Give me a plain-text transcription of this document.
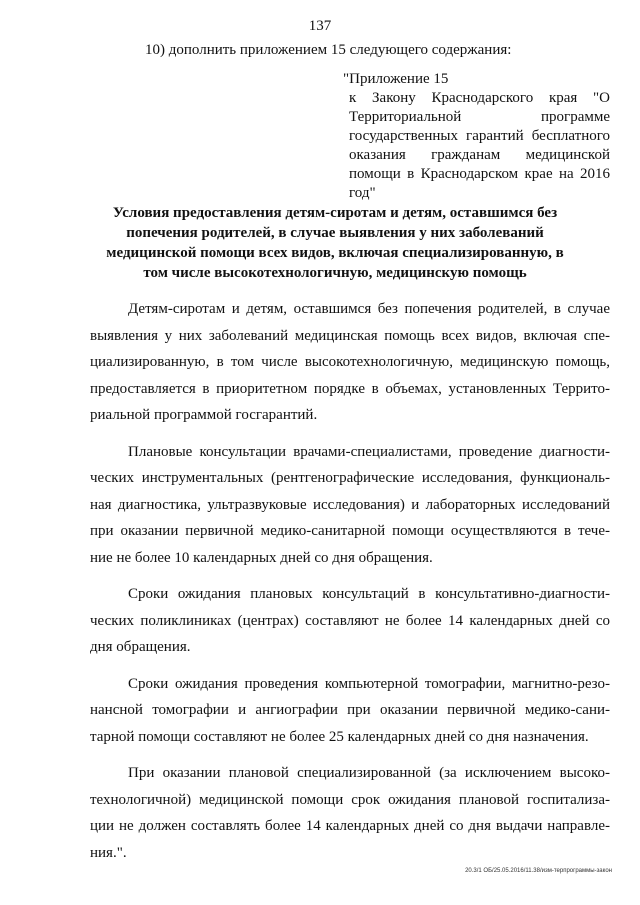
137
10) дополнить приложением 15 следующего содержания:
"Приложение 15
к Закону Краснодарского края "О Территориальной программе государственных гарантий бесплатного оказания гражданам медицинской помощи в Краснодарском крае на 2016 год"
Условия предоставления детям-сиротам и детям, оставшимся без попечения родителей, в случае выявления у них заболеваний медицинской помощи всех видов, включая специализированную, в том числе высокотехнологичную, медицинскую помощь
Детям-сиротам и детям, оставшимся без попечения родителей, в случае
выявления у них заболеваний медицинская помощь всех видов, включая спе-
циализированную, в том числе высокотехнологичную, медицинскую помощь,
предоставляется в приоритетном порядке в объемах, установленных Террито-
риальной программой госгарантий.
Плановые консультации врачами-специалистами, проведение диагности-
ческих инструментальных (рентгенографические исследования, функциональ-
ная диагностика, ультразвуковые исследования) и лабораторных исследований
при оказании первичной медико-санитарной помощи осуществляются в тече-
ние не более 10 календарных дней со дня обращения.
Сроки ожидания плановых консультаций в консультативно-диагности-
ческих поликлиниках (центрах) составляют не более 14 календарных дней со
дня обращения.
Сроки ожидания проведения компьютерной томографии, магнитно-резо-
нансной томографии и ангиографии при оказании первичной медико-сани-
тарной помощи составляют не более 25 календарных дней со дня назначения.
При оказании плановой специализированной (за исключением высоко-
технологичной) медицинской помощи срок ожидания плановой госпитализа-
ции не должен составлять более 14 календарных дней со дня выдачи направле-
ния.".
20.3/1 ОБ/25.05.2016/11.38/изм-терпрограммы-закон
